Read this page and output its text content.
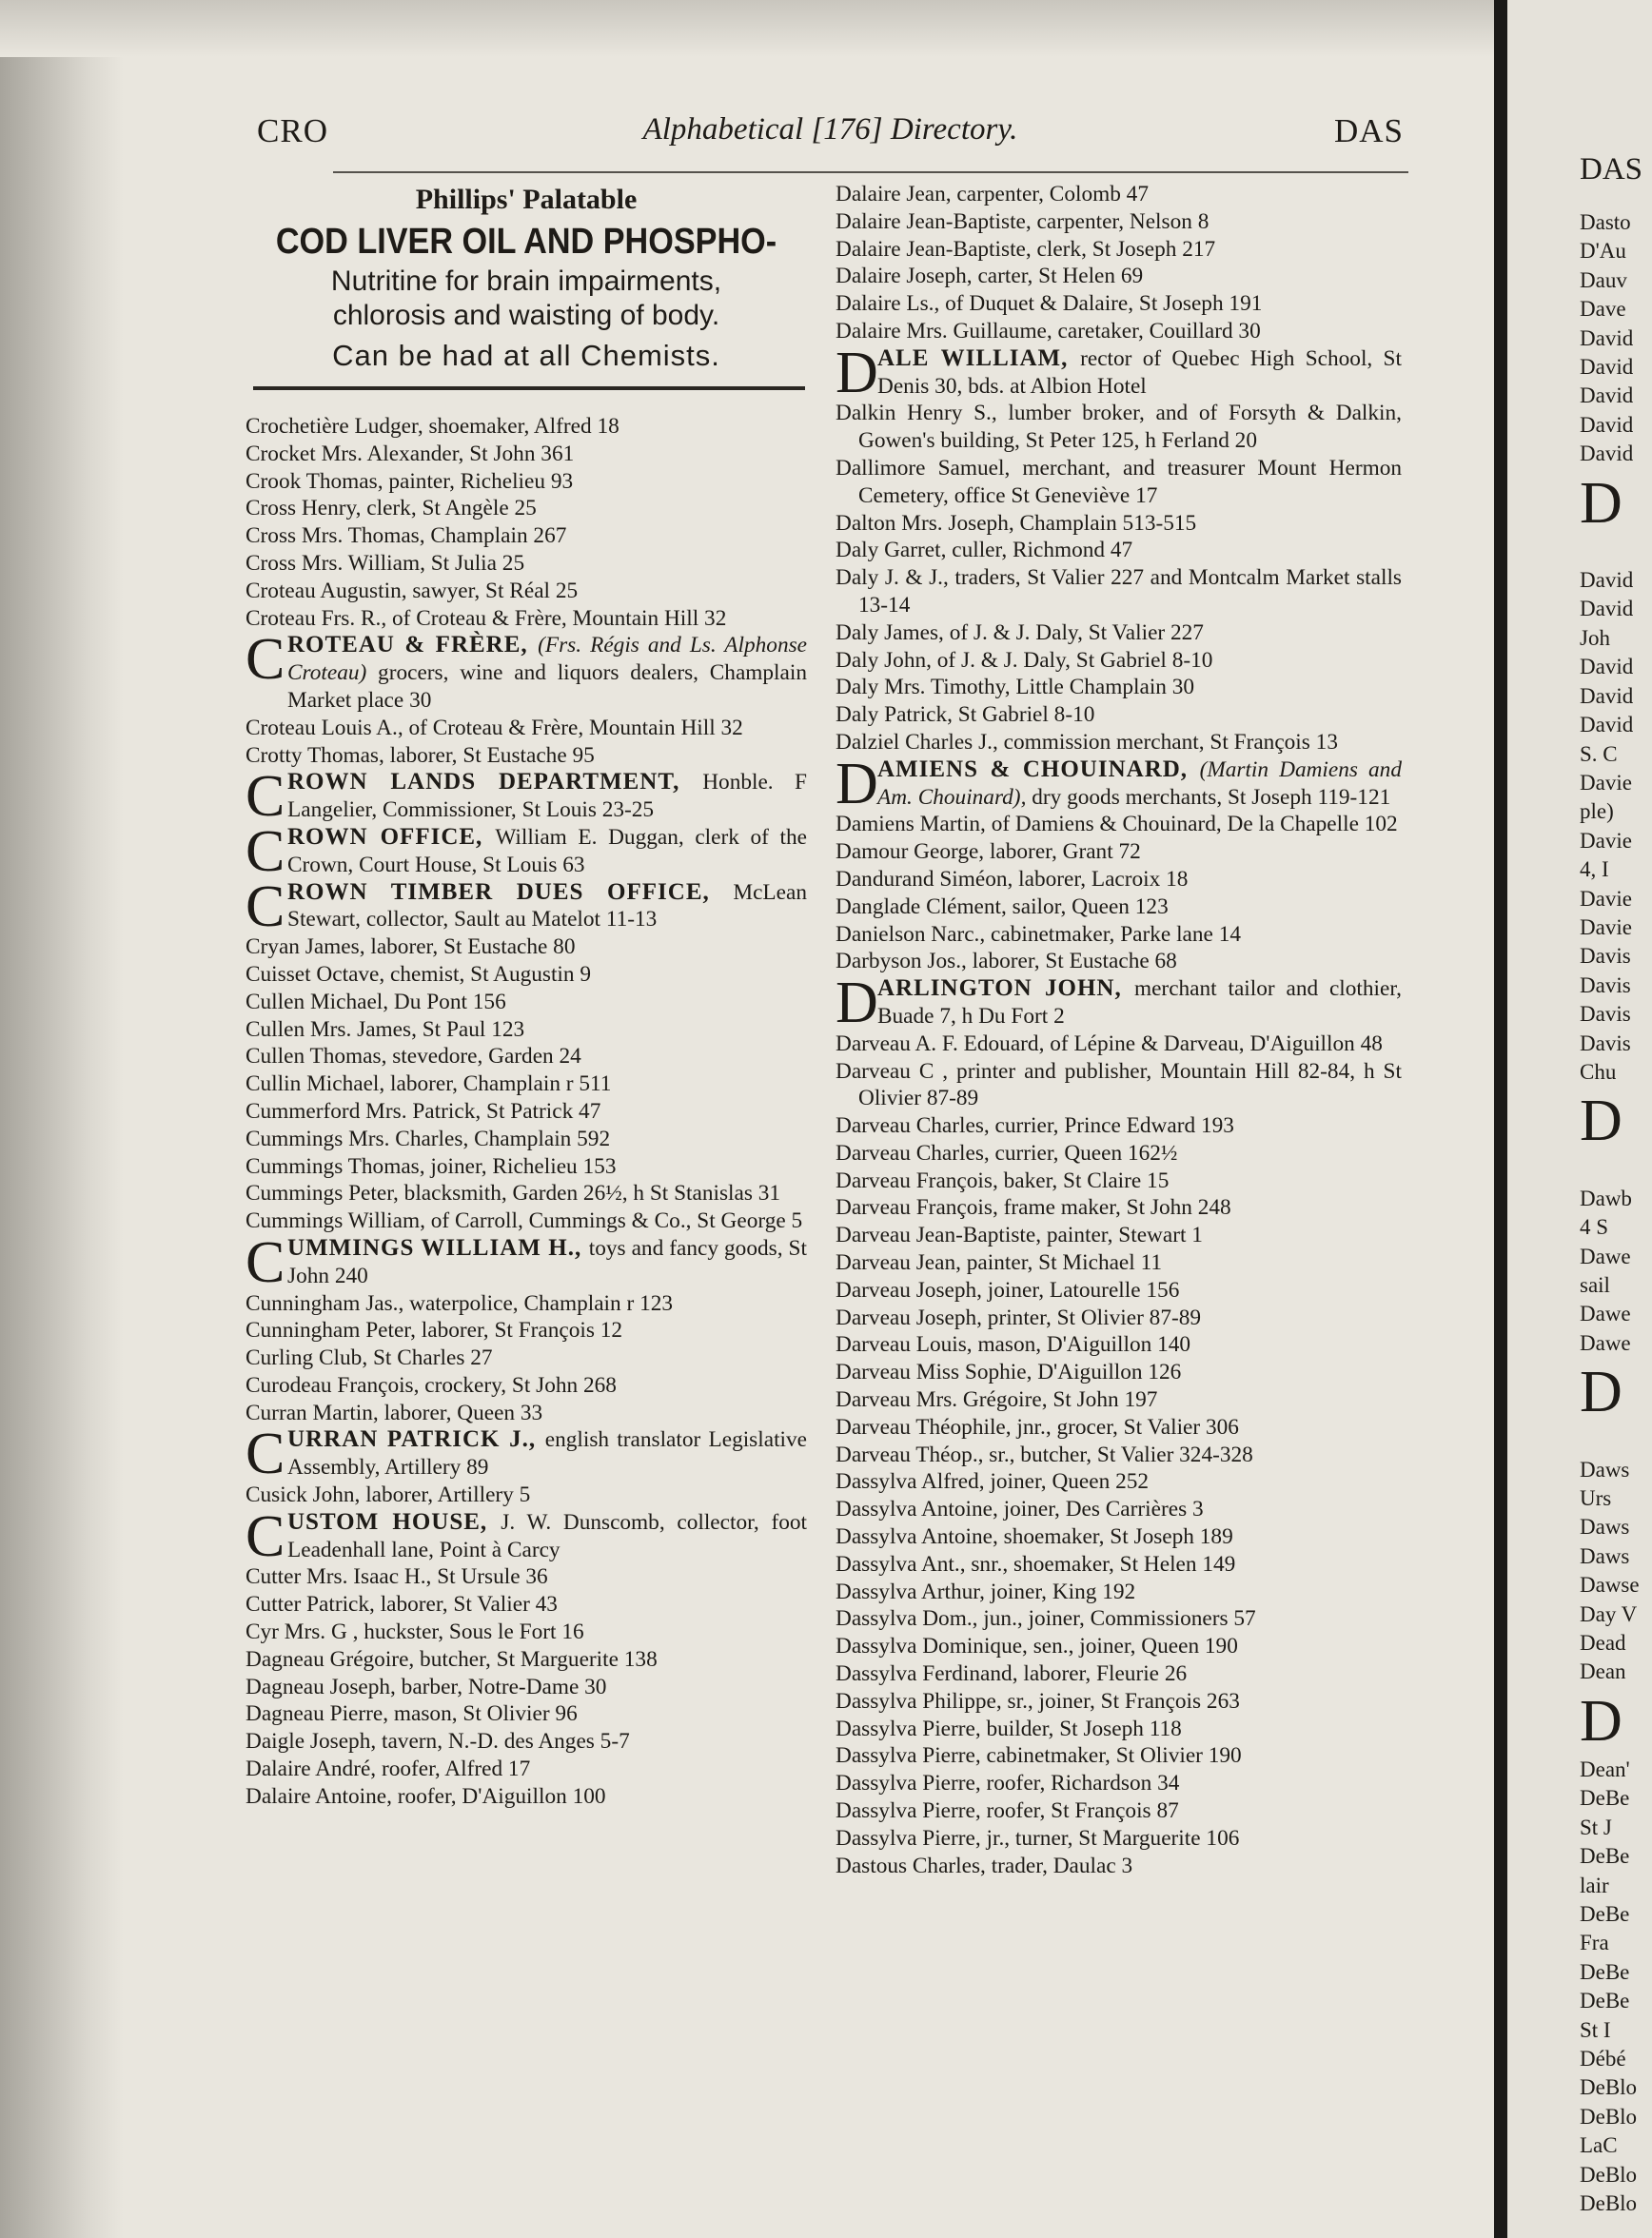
CRO	Alphabetical [176] Directory.	DAS
Phillips' Palatable
COD LIVER OIL AND PHOSPHO-
Nutritine for brain impairments,
chlorosis and waisting of body.
Can be had at all Chemists.

Crochetière Ludger, shoemaker, Alfred 18

Crocket Mrs. Alexander, St John 361

Crook Thomas, painter, Richelieu 93

Cross Henry, clerk, St Angèle 25

Cross Mrs. Thomas, Champlain 267

Cross Mrs. William, St Julia 25

Croteau Augustin, sawyer, St Réal 25

Croteau Frs. R., of Croteau & Frère, Mountain Hill 32

C ROTEAU & FRÈRE, (Frs. Régis and Ls. Alphonse Croteau) grocers, wine and liquors dealers, Champlain Market place 30

Croteau Louis A., of Croteau & Frère, Mountain Hill 32

Crotty Thomas, laborer, St Eustache 95

C ROWN LANDS DEPARTMENT, Honble. F Langelier, Commissioner, St Louis 23-25

C ROWN OFFICE, William E. Duggan, clerk of the Crown, Court House, St Louis 63

C ROWN TIMBER DUES OFFICE, McLean Stewart, collector, Sault au Matelot 11-13

Cryan James, laborer, St Eustache 80

Cuisset Octave, chemist, St Augustin 9

Cullen Michael, Du Pont 156

Cullen Mrs. James, St Paul 123

Cullen Thomas, stevedore, Garden 24

Cullin Michael, laborer, Champlain r 511

Cummerford Mrs. Patrick, St Patrick 47

Cummings Mrs. Charles, Champlain 592

Cummings Thomas, joiner, Richelieu 153

Cummings Peter, blacksmith, Garden 26½, h St Stanislas 31

Cummings William, of Carroll, Cummings & Co., St George 5

C UMMINGS WILLIAM H., toys and fancy goods, St John 240

Cunningham Jas., waterpolice, Champlain r 123

Cunningham Peter, laborer, St François 12

Curling Club, St Charles 27

Curodeau François, crockery, St John 268

Curran Martin, laborer, Queen 33

C URRAN PATRICK J., english translator Legislative Assembly, Artillery 89

Cusick John, laborer, Artillery 5

C USTOM HOUSE, J. W. Dunscomb, collector, foot Leadenhall lane, Point à Carcy

Cutter Mrs. Isaac H., St Ursule 36

Cutter Patrick, laborer, St Valier 43

Cyr Mrs. G , huckster, Sous le Fort 16

Dagneau Grégoire, butcher, St Marguerite 138

Dagneau Joseph, barber, Notre-Dame 30

Dagneau Pierre, mason, St Olivier 96

Daigle Joseph, tavern, N.-D. des Anges 5-7

Dalaire André, roofer, Alfred 17

Dalaire Antoine, roofer, D'Aiguillon 100

Dalaire Jean, carpenter, Colomb 47

Dalaire Jean-Baptiste, carpenter, Nelson 8

Dalaire Jean-Baptiste, clerk, St Joseph 217

Dalaire Joseph, carter, St Helen 69

Dalaire Ls., of Duquet & Dalaire, St Joseph 191

Dalaire Mrs. Guillaume, caretaker, Couillard 30

D ALE WILLIAM, rector of Quebec High School, St Denis 30, bds. at Albion Hotel

Dalkin Henry S., lumber broker, and of Forsyth & Dalkin, Gowen's building, St Peter 125, h Ferland 20

Dallimore Samuel, merchant, and treasurer Mount Hermon Cemetery, office St Geneviève 17

Dalton Mrs. Joseph, Champlain 513-515

Daly Garret, culler, Richmond 47

Daly J. & J., traders, St Valier 227 and Montcalm Market stalls 13-14

Daly James, of J. & J. Daly, St Valier 227

Daly John, of J. & J. Daly, St Gabriel 8-10

Daly Mrs. Timothy, Little Champlain 30

Daly Patrick, St Gabriel 8-10

Dalziel Charles J., commission merchant, St François 13

D AMIENS & CHOUINARD, (Martin Damiens and Am. Chouinard), dry goods merchants, St Joseph 119-121

Damiens Martin, of Damiens & Chouinard, De la Chapelle 102

Damour George, laborer, Grant 72

Dandurand Siméon, laborer, Lacroix 18

Danglade Clément, sailor, Queen 123

Danielson Narc., cabinetmaker, Parke lane 14

Darbyson Jos., laborer, St Eustache 68

D ARLINGTON JOHN, merchant tailor and clothier, Buade 7, h Du Fort 2

Darveau A. F. Edouard, of Lépine & Darveau, D'Aiguillon 48

Darveau C , printer and publisher, Mountain Hill 82-84, h St Olivier 87-89

Darveau Charles, currier, Prince Edward 193

Darveau Charles, currier, Queen 162½

Darveau François, baker, St Claire 15

Darveau François, frame maker, St John 248

Darveau Jean-Baptiste, painter, Stewart 1

Darveau Jean, painter, St Michael 11

Darveau Joseph, joiner, Latourelle 156

Darveau Joseph, printer, St Olivier 87-89

Darveau Louis, mason, D'Aiguillon 140

Darveau Miss Sophie, D'Aiguillon 126

Darveau Mrs. Grégoire, St John 197

Darveau Théophile, jnr., grocer, St Valier 306

Darveau Théop., sr., butcher, St Valier 324-328

Dassylva Alfred, joiner, Queen 252

Dassylva Antoine, joiner, Des Carrières 3

Dassylva Antoine, shoemaker, St Joseph 189

Dassylva Ant., snr., shoemaker, St Helen 149

Dassylva Arthur, joiner, King 192

Dassylva Dom., jun., joiner, Commissioners 57

Dassylva Dominique, sen., joiner, Queen 190

Dassylva Ferdinand, laborer, Fleurie 26

Dassylva Philippe, sr., joiner, St François 263

Dassylva Pierre, builder, St Joseph 118

Dassylva Pierre, cabinetmaker, St Olivier 190

Dassylva Pierre, roofer, Richardson 34

Dassylva Pierre, roofer, St François 87

Dassylva Pierre, jr., turner, St Marguerite 106

Dastous Charles, trader, Daulac 3

DAS
Dasto
D'Au
Dauv
Dave
David
David
David
David
David
D

David
David
Joh
David
David
David
S. C
Davie
ple)
Davie
4, I
Davie
Davie
Davis
Davis
Davis
Davis
Chu
D

Dawb
4 S
Dawe
sail
Dawe
Dawe
D

Daws
Urs
Daws
Daws
Dawse
Day V
Dead
Dean
D
Dean'
DeBe
St J
DeBe
lair
DeBe
Fra
DeBe
DeBe
St I
Débé
DeBlo
DeBlo
LaC
DeBlo
DeBlo
